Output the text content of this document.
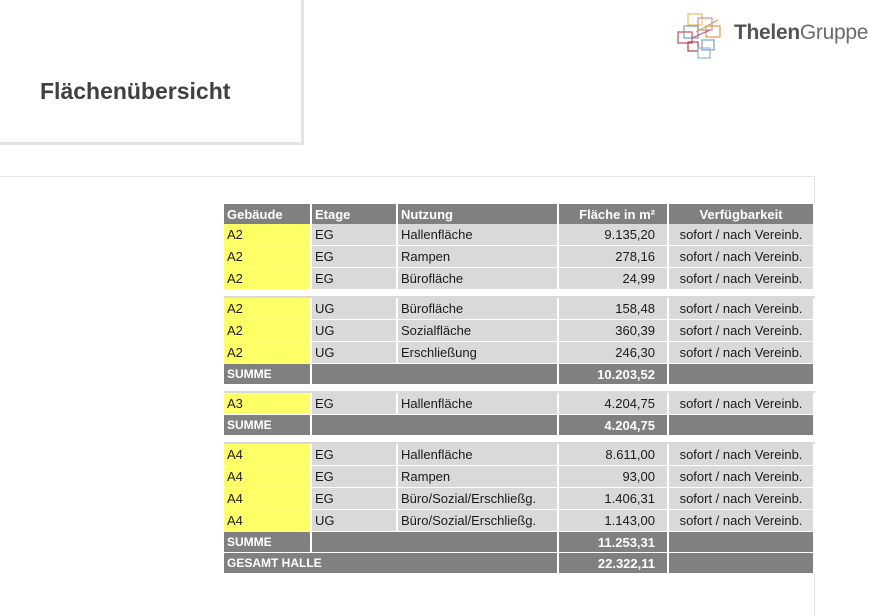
Flächenübersicht
ThelenGruppe
Gebäude	Etage	Nutzung	Fläche in m²	Verfügbarkeit
A2	EG	Hallenfläche	9.135,20	sofort / nach Vereinb.
A2	EG	Rampen	278,16	sofort / nach Vereinb.
A2	EG	Bürofläche	24,99	sofort / nach Vereinb.

A2	UG	Bürofläche	158,48	sofort / nach Vereinb.
A2	UG	Sozialfläche	360,39	sofort / nach Vereinb.
A2	UG	Erschließung	246,30	sofort / nach Vereinb.
SUMME			10.203,52	

A3	EG	Hallenfläche	4.204,75	sofort / nach Vereinb.
SUMME			4.204,75	

A4	EG	Hallenfläche	8.611,00	sofort / nach Vereinb.
A4	EG	Rampen	93,00	sofort / nach Vereinb.
A4	EG	Büro/Sozial/Erschließg.	1.406,31	sofort / nach Vereinb.
A4	UG	Büro/Sozial/Erschließg.	1.143,00	sofort / nach Vereinb.
SUMME			11.253,31	
GESAMT HALLE			22.322,11	
